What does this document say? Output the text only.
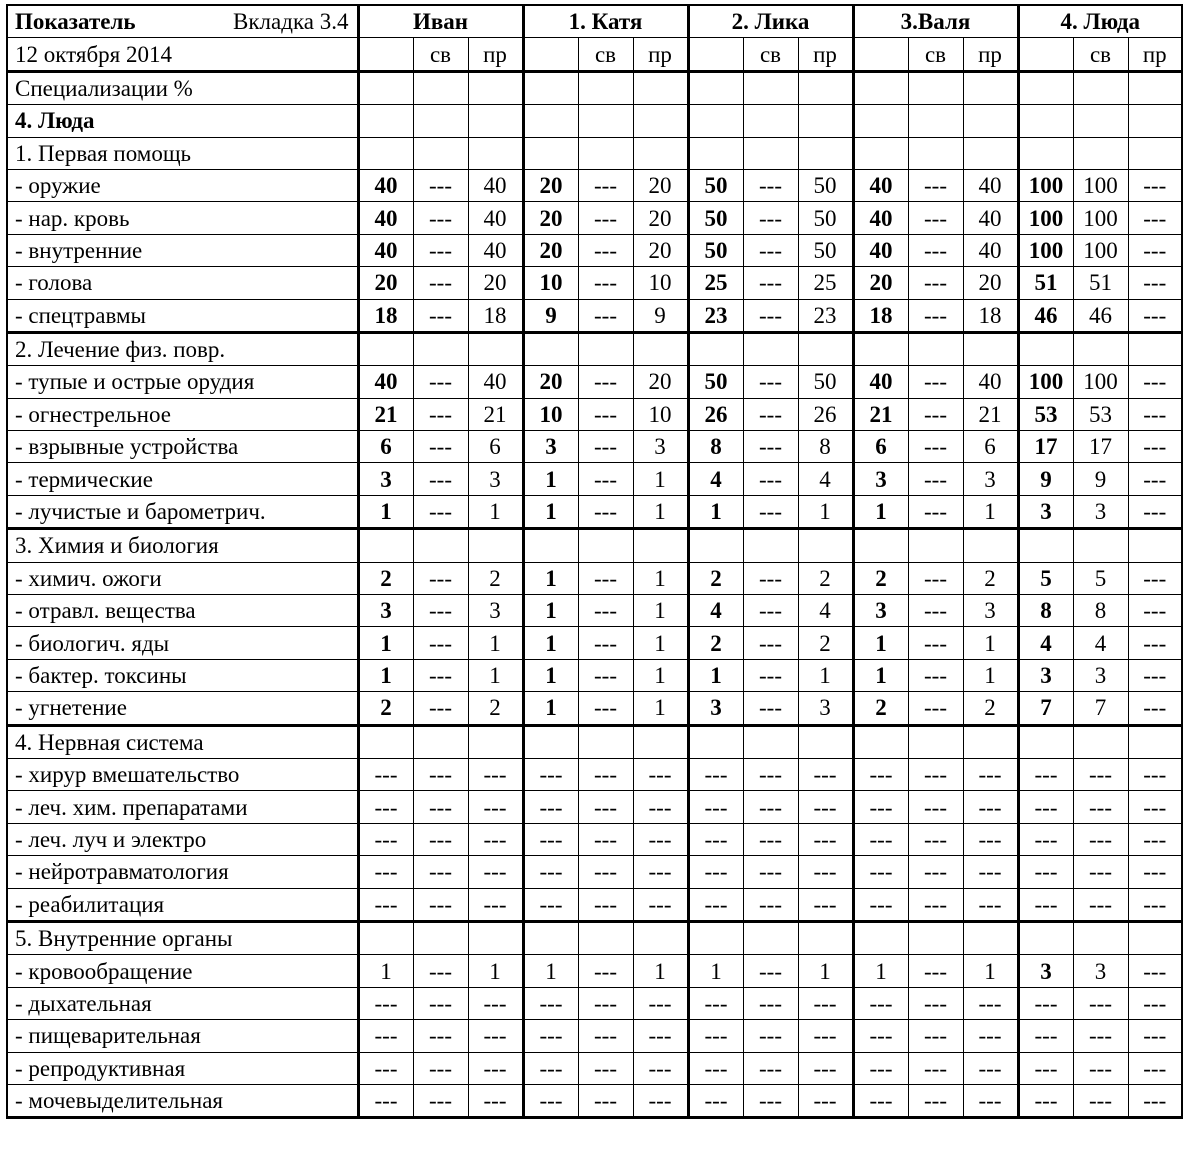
Показатель Вкладка 3.4	Иван			1. Катя			2. Лика			3.Валя			4. Люда		
12 октября 2014		св	пр		св	пр		св	пр		св	пр		св	пр
Специализации %															
4. Люда															
1. Первая помощь															
- оружие	40	---	40	20	---	20	50	---	50	40	---	40	100	100	---
- нар. кровь	40	---	40	20	---	20	50	---	50	40	---	40	100	100	---
- внутренние	40	---	40	20	---	20	50	---	50	40	---	40	100	100	---
- голова	20	---	20	10	---	10	25	---	25	20	---	20	51	51	---
- спецтравмы	18	---	18	9	---	9	23	---	23	18	---	18	46	46	---
2. Лечение физ. повр.															
- тупые и острые орудия	40	---	40	20	---	20	50	---	50	40	---	40	100	100	---
- огнестрельное	21	---	21	10	---	10	26	---	26	21	---	21	53	53	---
- взрывные устройства	6	---	6	3	---	3	8	---	8	6	---	6	17	17	---
- термические	3	---	3	1	---	1	4	---	4	3	---	3	9	9	---
- лучистые и барометрич.	1	---	1	1	---	1	1	---	1	1	---	1	3	3	---
3. Химия и биология															
- химич. ожоги	2	---	2	1	---	1	2	---	2	2	---	2	5	5	---
- отравл. вещества	3	---	3	1	---	1	4	---	4	3	---	3	8	8	---
- биологич. яды	1	---	1	1	---	1	2	---	2	1	---	1	4	4	---
- бактер. токсины	1	---	1	1	---	1	1	---	1	1	---	1	3	3	---
- угнетение	2	---	2	1	---	1	3	---	3	2	---	2	7	7	---
4. Нервная система															
- хирур вмешательство	---	---	---	---	---	---	---	---	---	---	---	---	---	---	---
- леч. хим. препаратами	---	---	---	---	---	---	---	---	---	---	---	---	---	---	---
- леч. луч и электро	---	---	---	---	---	---	---	---	---	---	---	---	---	---	---
- нейротравматология	---	---	---	---	---	---	---	---	---	---	---	---	---	---	---
- реабилитация	---	---	---	---	---	---	---	---	---	---	---	---	---	---	---
5. Внутренние органы															
- кровообращение	1	---	1	1	---	1	1	---	1	1	---	1	3	3	---
- дыхательная	---	---	---	---	---	---	---	---	---	---	---	---	---	---	---
- пищеварительная	---	---	---	---	---	---	---	---	---	---	---	---	---	---	---
- репродуктивная	---	---	---	---	---	---	---	---	---	---	---	---	---	---	---
- мочевыделительная	---	---	---	---	---	---	---	---	---	---	---	---	---	---	---
